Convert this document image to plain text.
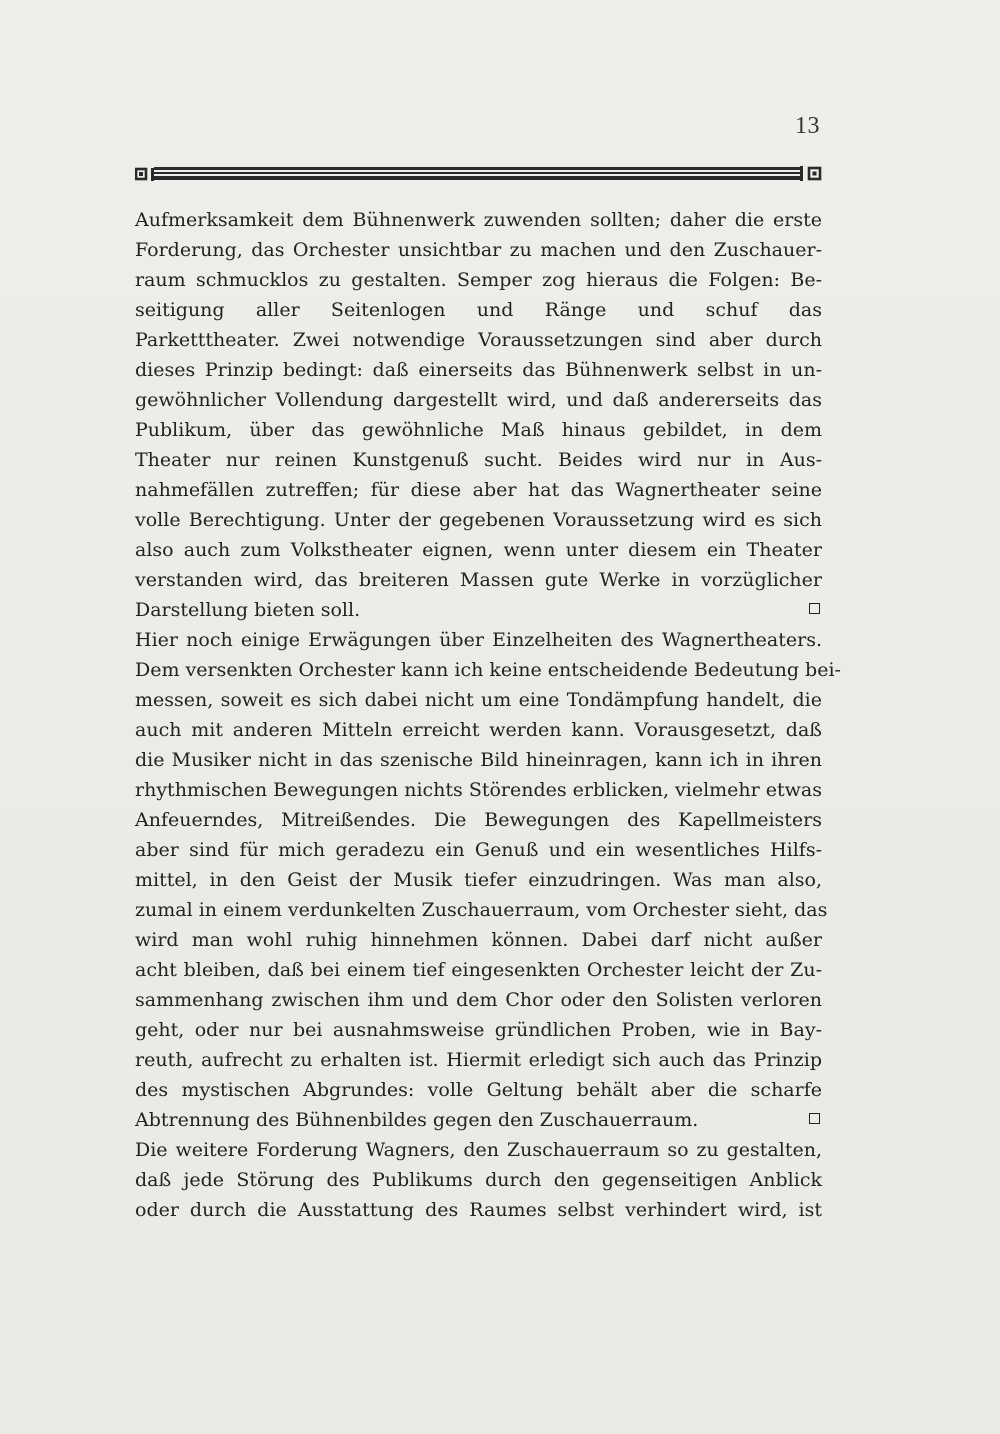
13
Aufmerksamkeit dem Bühnenwerk zuwenden sollten; daher die erste
Forderung, das Orchester unsichtbar zu machen und den Zuschauer-
raum schmucklos zu gestalten. Semper zog hieraus die Folgen: Be-
seitigung aller Seitenlogen und Ränge und schuf das
Parketttheater. Zwei notwendige Voraussetzungen sind aber durch
dieses Prinzip bedingt: daß einerseits das Bühnenwerk selbst in un-
gewöhnlicher Vollendung dargestellt wird, und daß andererseits das
Publikum, über das gewöhnliche Maß hinaus gebildet, in dem
Theater nur reinen Kunstgenuß sucht. Beides wird nur in Aus-
nahmefällen zutreffen; für diese aber hat das Wagnertheater seine
volle Berechtigung. Unter der gegebenen Voraussetzung wird es sich
also auch zum Volkstheater eignen, wenn unter diesem ein Theater
verstanden wird, das breiteren Massen gute Werke in vorzüglicher
Darstellung bieten soll.
Hier noch einige Erwägungen über Einzelheiten des Wagnertheaters.
Dem versenkten Orchester kann ich keine entscheidende Bedeutung bei-
messen, soweit es sich dabei nicht um eine Tondämpfung handelt, die
auch mit anderen Mitteln erreicht werden kann. Vorausgesetzt, daß
die Musiker nicht in das szenische Bild hineinragen, kann ich in ihren
rhythmischen Bewegungen nichts Störendes erblicken, vielmehr etwas
Anfeuerndes, Mitreißendes. Die Bewegungen des Kapellmeisters
aber sind für mich geradezu ein Genuß und ein wesentliches Hilfs-
mittel, in den Geist der Musik tiefer einzudringen. Was man also,
zumal in einem verdunkelten Zuschauerraum, vom Orchester sieht, das
wird man wohl ruhig hinnehmen können. Dabei darf nicht außer
acht bleiben, daß bei einem tief eingesenkten Orchester leicht der Zu-
sammenhang zwischen ihm und dem Chor oder den Solisten verloren
geht, oder nur bei ausnahmsweise gründlichen Proben, wie in Bay-
reuth, aufrecht zu erhalten ist. Hiermit erledigt sich auch das Prinzip
des mystischen Abgrundes: volle Geltung behält aber die scharfe
Abtrennung des Bühnenbildes gegen den Zuschauerraum.
Die weitere Forderung Wagners, den Zuschauerraum so zu gestalten,
daß jede Störung des Publikums durch den gegenseitigen Anblick
oder durch die Ausstattung des Raumes selbst verhindert wird, ist
